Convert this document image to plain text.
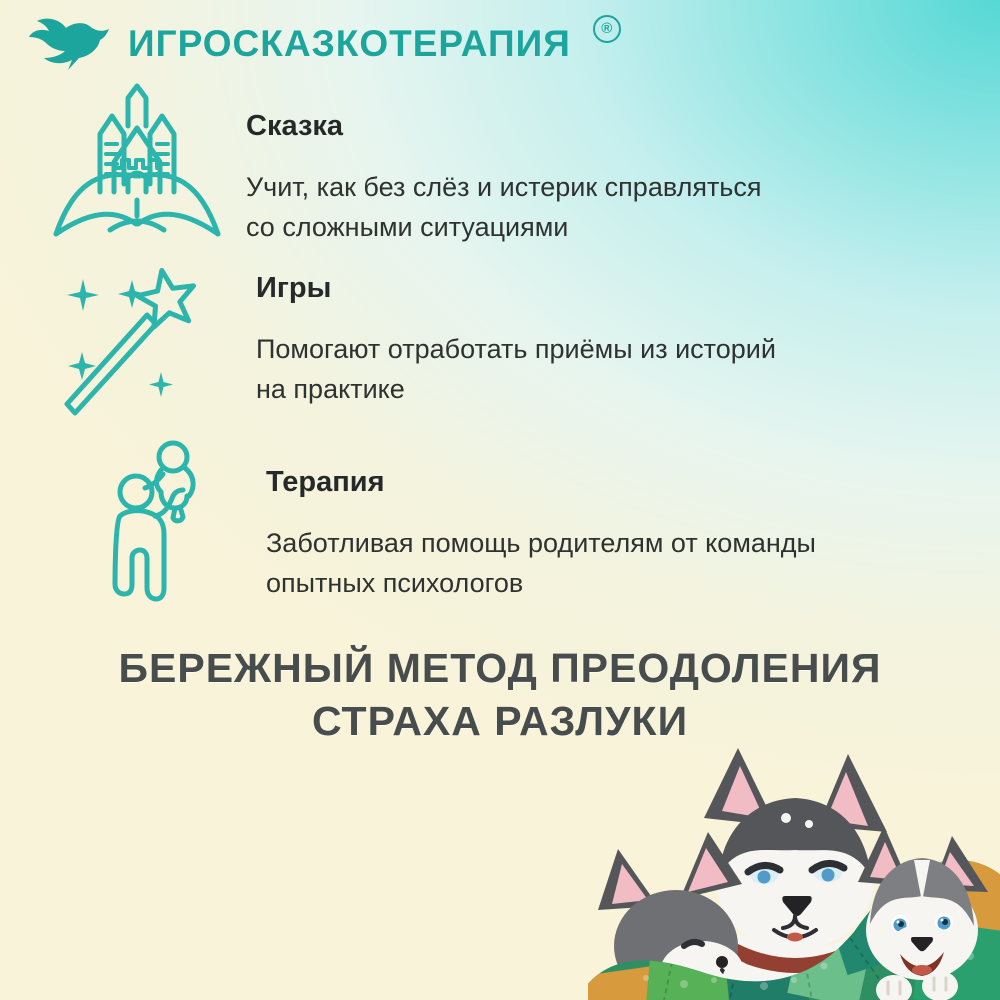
ИГРОСКАЗКОТЕРАПИЯ	®
Сказка

Учит, как без слёз и истерик справляться
со сложными ситуациями

Игры

Помогают отработать приёмы из историй
на практике

Терапия

Заботливая помощь родителям от команды
опытных психологов

БЕРЕЖНЫЙ МЕТОД ПРЕОДОЛЕНИЯ
СТРАХА РАЗЛУКИ
